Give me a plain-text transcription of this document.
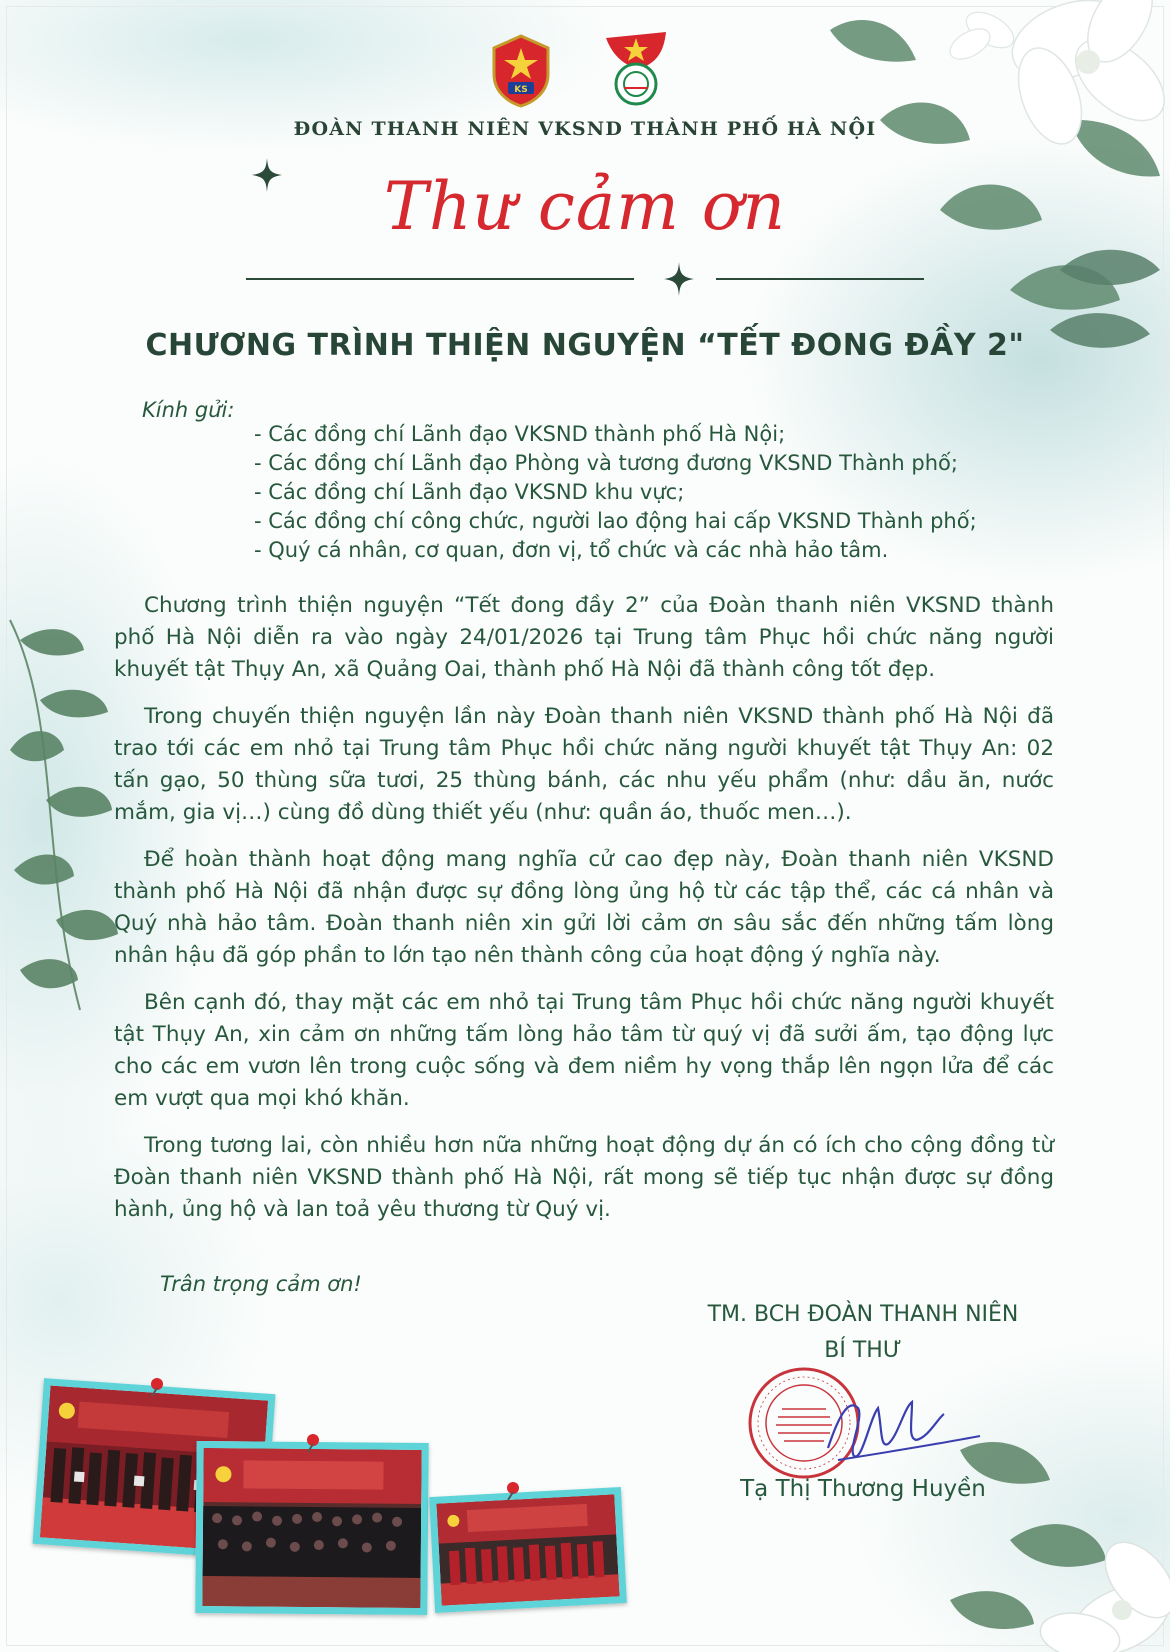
KS
ĐOÀN THANH NIÊN VKSND THÀNH PHỐ HÀ NỘI
Thư cảm ơn
CHƯƠNG TRÌNH THIỆN NGUYỆN “TẾT ĐONG ĐẦY 2"
Kính gửi:
- Các đồng chí Lãnh đạo VKSND thành phố Hà Nội;
- Các đồng chí Lãnh đạo Phòng và tương đương VKSND Thành phố;
- Các đồng chí Lãnh đạo VKSND khu vực;
- Các đồng chí công chức, người lao động hai cấp VKSND Thành phố;
- Quý cá nhân, cơ quan, đơn vị, tổ chức và các nhà hảo tâm.

Chương trình thiện nguyện “Tết đong đầy 2” của Đoàn thanh niên VKSND thành phố Hà Nội diễn ra vào ngày 24/01/2026 tại Trung tâm Phục hồi chức năng người khuyết tật Thụy An, xã Quảng Oai, thành phố Hà Nội đã thành công tốt đẹp.

Trong chuyến thiện nguyện lần này Đoàn thanh niên VKSND thành phố Hà Nội đã trao tới các em nhỏ tại Trung tâm Phục hồi chức năng người khuyết tật Thụy An: 02 tấn gạo, 50 thùng sữa tươi, 25 thùng bánh, các nhu yếu phẩm (như: dầu ăn, nước mắm, gia vị…) cùng đồ dùng thiết yếu (như: quần áo, thuốc men…).

Để hoàn thành hoạt động mang nghĩa cử cao đẹp này, Đoàn thanh niên VKSND thành phố Hà Nội đã nhận được sự đồng lòng ủng hộ từ các tập thể, các cá nhân và Quý nhà hảo tâm. Đoàn thanh niên xin gửi lời cảm ơn sâu sắc đến những tấm lòng nhân hậu đã góp phần to lớn tạo nên thành công của hoạt động ý nghĩa này.

Bên cạnh đó, thay mặt các em nhỏ tại Trung tâm Phục hồi chức năng người khuyết tật Thụy An, xin cảm ơn những tấm lòng hảo tâm từ quý vị đã sưởi ấm, tạo động lực cho các em vươn lên trong cuộc sống và đem niềm hy vọng thắp lên ngọn lửa để các em vượt qua mọi khó khăn.

Trong tương lai, còn nhiều hơn nữa những hoạt động dự án có ích cho cộng đồng từ Đoàn thanh niên VKSND thành phố Hà Nội, rất mong sẽ tiếp tục nhận được sự đồng hành, ủng hộ và lan toả yêu thương từ Quý vị.

Trân trọng cảm ơn!
TM. BCH ĐOÀN THANH NIÊN
BÍ THƯ
Tạ Thị Thương Huyền
